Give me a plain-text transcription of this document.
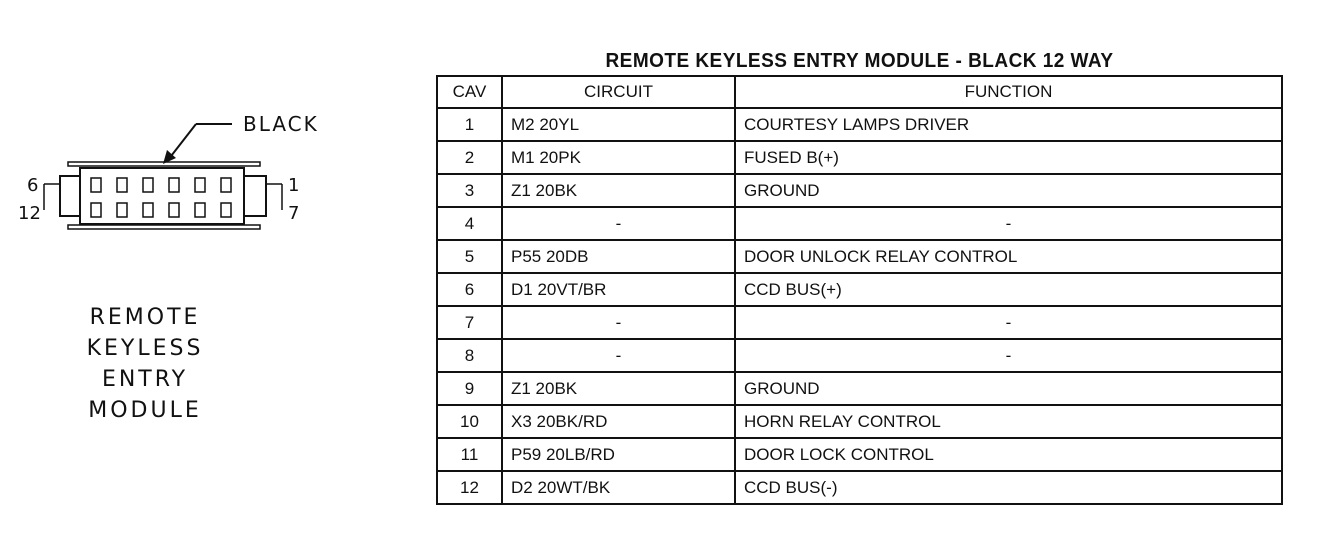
BLACK
6
12
1
7
REMOTE
KEYLESS
ENTRY
MODULE
REMOTE KEYLESS ENTRY MODULE - BLACK 12 WAY
CAV	CIRCUIT	FUNCTION
1	M2 20YL	COURTESY LAMPS DRIVER
2	M1 20PK	FUSED B(+)
3	Z1 20BK	GROUND
4	-	-
5	P55 20DB	DOOR UNLOCK RELAY CONTROL
6	D1 20VT/BR	CCD BUS(+)
7	-	-
8	-	-
9	Z1 20BK	GROUND
10	X3 20BK/RD	HORN RELAY CONTROL
11	P59 20LB/RD	DOOR LOCK CONTROL
12	D2 20WT/BK	CCD BUS(-)
